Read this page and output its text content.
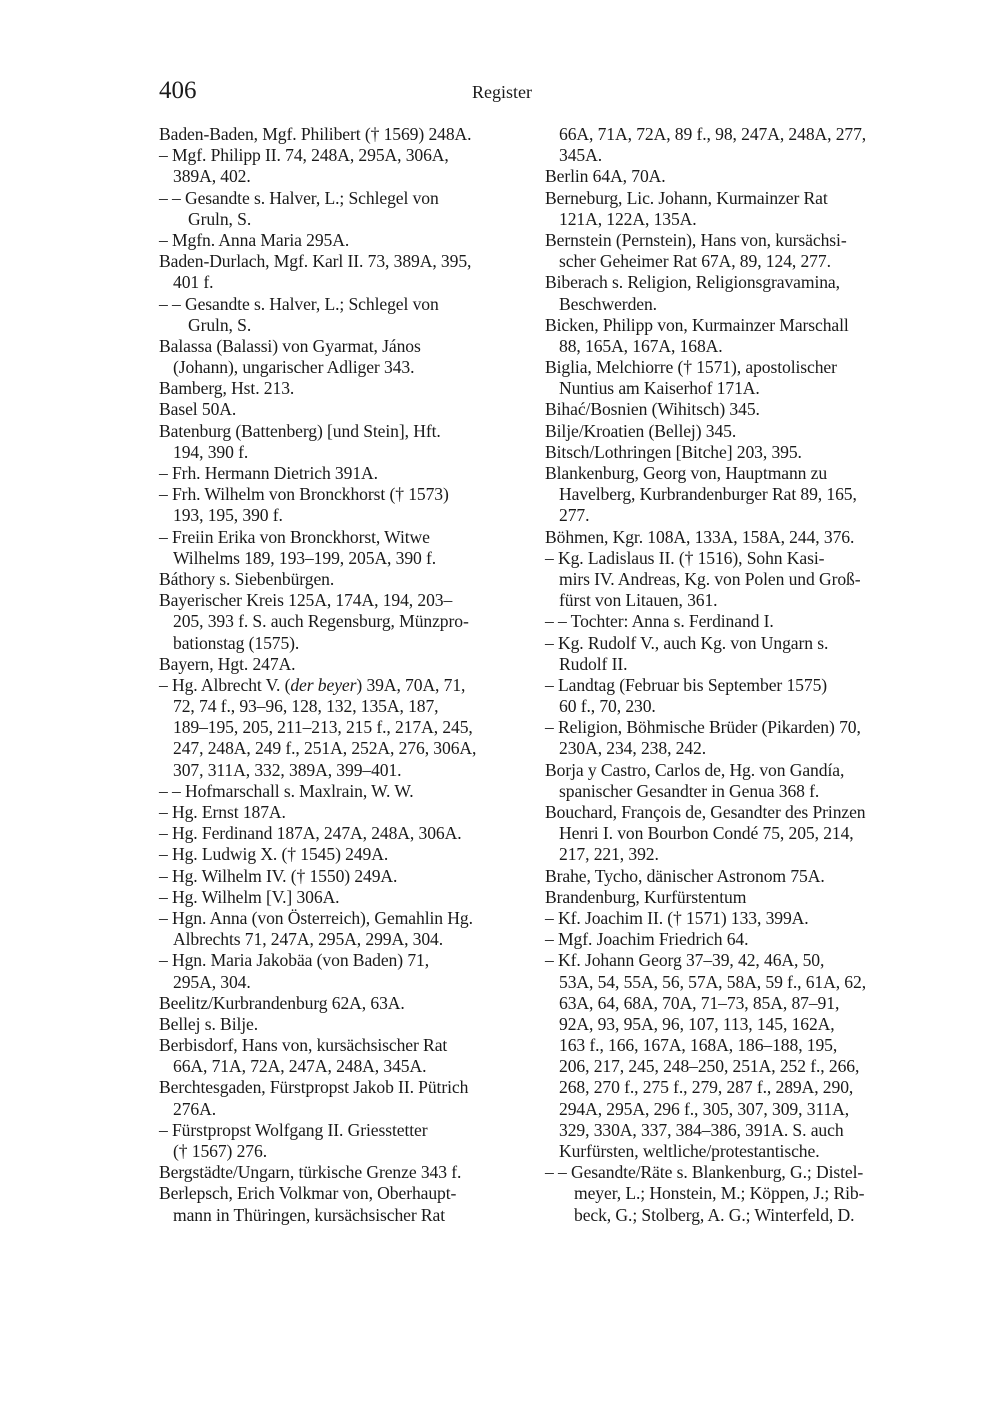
406	Register
Baden-Baden, Mgf. Philibert († 1569) 248A.
– Mgf. Philipp II. 74, 248A, 295A, 306A,
389A, 402.
– – Gesandte s. Halver, L.; Schlegel von
Gruln, S.
– Mgfn. Anna Maria 295A.
Baden-Durlach, Mgf. Karl II. 73, 389A, 395,
401 f.
– – Gesandte s. Halver, L.; Schlegel von
Gruln, S.
Balassa (Balassi) von Gyarmat, János
(Johann), ungarischer Adliger 343.
Bamberg, Hst. 213.
Basel 50A.
Batenburg (Battenberg) [und Stein], Hft.
194, 390 f.
– Frh. Hermann Dietrich 391A.
– Frh. Wilhelm von Bronckhorst († 1573)
193, 195, 390 f.
– Freiin Erika von Bronckhorst, Witwe
Wilhelms 189, 193–199, 205A, 390 f.
Báthory s. Siebenbürgen.
Bayerischer Kreis 125A, 174A, 194, 203–
205, 393 f. S. auch Regensburg, Münzpro-
bationstag (1575).
Bayern, Hgt. 247A.
– Hg. Albrecht V. (der beyer) 39A, 70A, 71,
72, 74 f., 93–96, 128, 132, 135A, 187,
189–195, 205, 211–213, 215 f., 217A, 245,
247, 248A, 249 f., 251A, 252A, 276, 306A,
307, 311A, 332, 389A, 399–401.
– – Hofmarschall s. Maxlrain, W. W.
– Hg. Ernst 187A.
– Hg. Ferdinand 187A, 247A, 248A, 306A.
– Hg. Ludwig X. († 1545) 249A.
– Hg. Wilhelm IV. († 1550) 249A.
– Hg. Wilhelm [V.] 306A.
– Hgn. Anna (von Österreich), Gemahlin Hg.
Albrechts 71, 247A, 295A, 299A, 304.
– Hgn. Maria Jakobäa (von Baden) 71,
295A, 304.
Beelitz/Kurbrandenburg 62A, 63A.
Bellej s. Bilje.
Berbisdorf, Hans von, kursächsischer Rat
66A, 71A, 72A, 247A, 248A, 345A.
Berchtesgaden, Fürstpropst Jakob II. Pütrich
276A.
– Fürstpropst Wolfgang II. Griesstetter
(† 1567) 276.
Bergstädte/Ungarn, türkische Grenze 343 f.
Berlepsch, Erich Volkmar von, Oberhaupt-
mann in Thüringen, kursächsischer Rat
66A, 71A, 72A, 89 f., 98, 247A, 248A, 277,
345A.
Berlin 64A, 70A.
Berneburg, Lic. Johann, Kurmainzer Rat
121A, 122A, 135A.
Bernstein (Pernstein), Hans von, kursächsi-
scher Geheimer Rat 67A, 89, 124, 277.
Biberach s. Religion, Religionsgravamina,
Beschwerden.
Bicken, Philipp von, Kurmainzer Marschall
88, 165A, 167A, 168A.
Biglia, Melchiorre († 1571), apostolischer
Nuntius am Kaiserhof 171A.
Bihać/Bosnien (Wihitsch) 345.
Bilje/Kroatien (Bellej) 345.
Bitsch/Lothringen [Bitche] 203, 395.
Blankenburg, Georg von, Hauptmann zu
Havelberg, Kurbrandenburger Rat 89, 165,
277.
Böhmen, Kgr. 108A, 133A, 158A, 244, 376.
– Kg. Ladislaus II. († 1516), Sohn Kasi-
mirs IV. Andreas, Kg. von Polen und Groß-
fürst von Litauen, 361.
– – Tochter: Anna s. Ferdinand I.
– Kg. Rudolf V., auch Kg. von Ungarn s.
Rudolf II.
– Landtag (Februar bis September 1575)
60 f., 70, 230.
– Religion, Böhmische Brüder (Pikarden) 70,
230A, 234, 238, 242.
Borja y Castro, Carlos de, Hg. von Gandía,
spanischer Gesandter in Genua 368 f.
Bouchard, François de, Gesandter des Prinzen
Henri I. von Bourbon Condé 75, 205, 214,
217, 221, 392.
Brahe, Tycho, dänischer Astronom 75A.
Brandenburg, Kurfürstentum
– Kf. Joachim II. († 1571) 133, 399A.
– Mgf. Joachim Friedrich 64.
– Kf. Johann Georg 37–39, 42, 46A, 50,
53A, 54, 55A, 56, 57A, 58A, 59 f., 61A, 62,
63A, 64, 68A, 70A, 71–73, 85A, 87–91,
92A, 93, 95A, 96, 107, 113, 145, 162A,
163 f., 166, 167A, 168A, 186–188, 195,
206, 217, 245, 248–250, 251A, 252 f., 266,
268, 270 f., 275 f., 279, 287 f., 289A, 290,
294A, 295A, 296 f., 305, 307, 309, 311A,
329, 330A, 337, 384–386, 391A. S. auch
Kurfürsten, weltliche/protestantische.
– – Gesandte/Räte s. Blankenburg, G.; Distel-
meyer, L.; Honstein, M.; Köppen, J.; Rib-
beck, G.; Stolberg, A. G.; Winterfeld, D.
